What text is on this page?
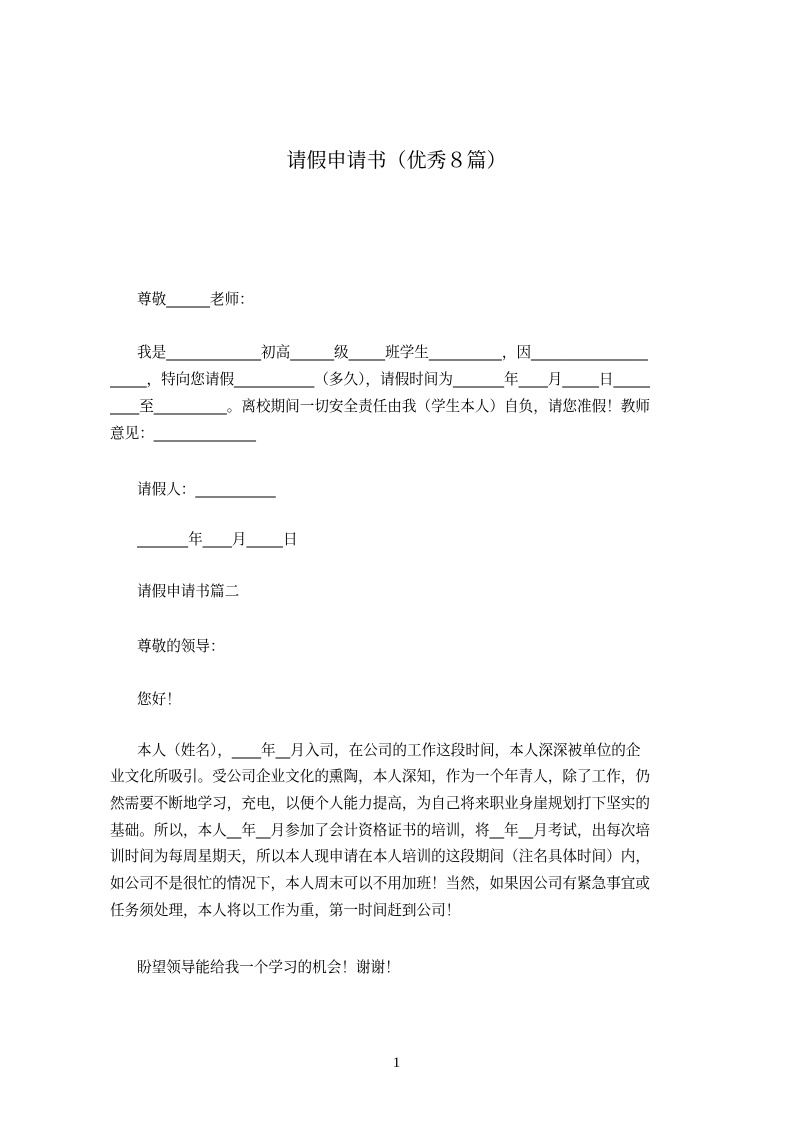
请假申请书（优秀８篇）
尊敬______老师：
我是_____________初高______级_____班学生__________，因________________
_____，特向您请假___________（多久），请假时间为_______年____月_____日_____
____至__________。离校期间一切安全责任由我（学生本人）自负，请您准假！教师
意见：______________
请假人：___________
_______年____月_____日
请假申请书篇二
尊敬的领导：
您好！
本人（姓名），____年__月入司，在公司的工作这段时间，本人深深被单位的企
业文化所吸引。受公司企业文化的熏陶，本人深知，作为一个年青人，除了工作，仍
然需要不断地学习，充电，以便个人能力提高，为自己将来职业身崖规划打下坚实的
基础。所以，本人__年__月参加了会计资格证书的培训，将__年__月考试，出每次培
训时间为每周星期天，所以本人现申请在本人培训的这段期间（注名具体时间）内，
如公司不是很忙的情况下，本人周末可以不用加班！当然，如果因公司有紧急事宜或
任务须处理，本人将以工作为重，第一时间赶到公司！
盼望领导能给我一个学习的机会！谢谢！
1
